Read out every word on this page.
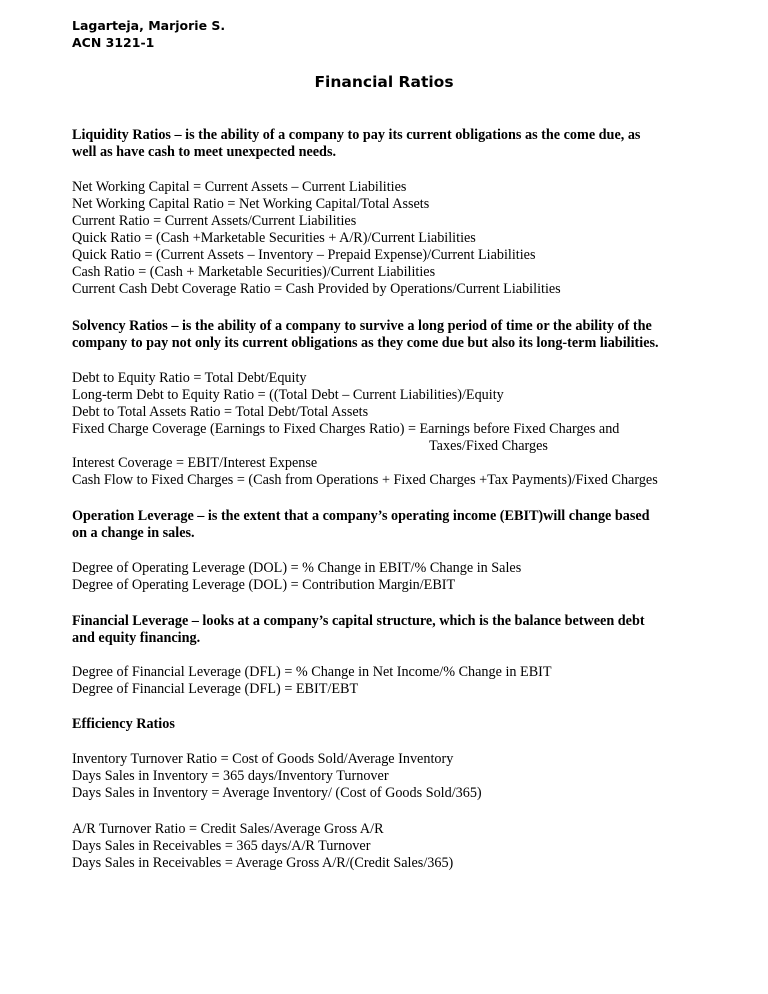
Lagarteja, Marjorie S.
ACN 3121-1
Financial Ratios
Liquidity Ratios – is the ability of a company to pay its current obligations as the come due, as
well as have cash to meet unexpected needs.
Net Working Capital = Current Assets – Current Liabilities
Net Working Capital Ratio = Net Working Capital/Total Assets
Current Ratio = Current Assets/Current Liabilities
Quick Ratio = (Cash +Marketable Securities + A/R)/Current Liabilities
Quick Ratio = (Current Assets – Inventory – Prepaid Expense)/Current Liabilities
Cash Ratio = (Cash + Marketable Securities)/Current Liabilities
Current Cash Debt Coverage Ratio = Cash Provided by Operations/Current Liabilities
Solvency Ratios – is the ability of a company to survive a long period of time or the ability of the
company to pay not only its current obligations as they come due but also its long-term liabilities.
Debt to Equity Ratio = Total Debt/Equity
Long-term Debt to Equity Ratio = ((Total Debt – Current Liabilities)/Equity
Debt to Total Assets Ratio = Total Debt/Total Assets
Fixed Charge Coverage (Earnings to Fixed Charges Ratio) = Earnings before Fixed Charges and
Taxes/Fixed Charges
Interest Coverage = EBIT/Interest Expense
Cash Flow to Fixed Charges = (Cash from Operations + Fixed Charges +Tax Payments)/Fixed Charges
Operation Leverage – is the extent that a company’s operating income (EBIT)will change based
on a change in sales.
Degree of Operating Leverage (DOL) = % Change in EBIT/% Change in Sales
Degree of Operating Leverage (DOL) = Contribution Margin/EBIT
Financial Leverage – looks at a company’s capital structure, which is the balance between debt
and equity financing.
Degree of Financial Leverage (DFL) = % Change in Net Income/% Change in EBIT
Degree of Financial Leverage (DFL) = EBIT/EBT
Efficiency Ratios
Inventory Turnover Ratio = Cost of Goods Sold/Average Inventory
Days Sales in Inventory = 365 days/Inventory Turnover
Days Sales in Inventory = Average Inventory/ (Cost of Goods Sold/365)
A/R Turnover Ratio = Credit Sales/Average Gross A/R
Days Sales in Receivables = 365 days/A/R Turnover
Days Sales in Receivables = Average Gross A/R/(Credit Sales/365)
